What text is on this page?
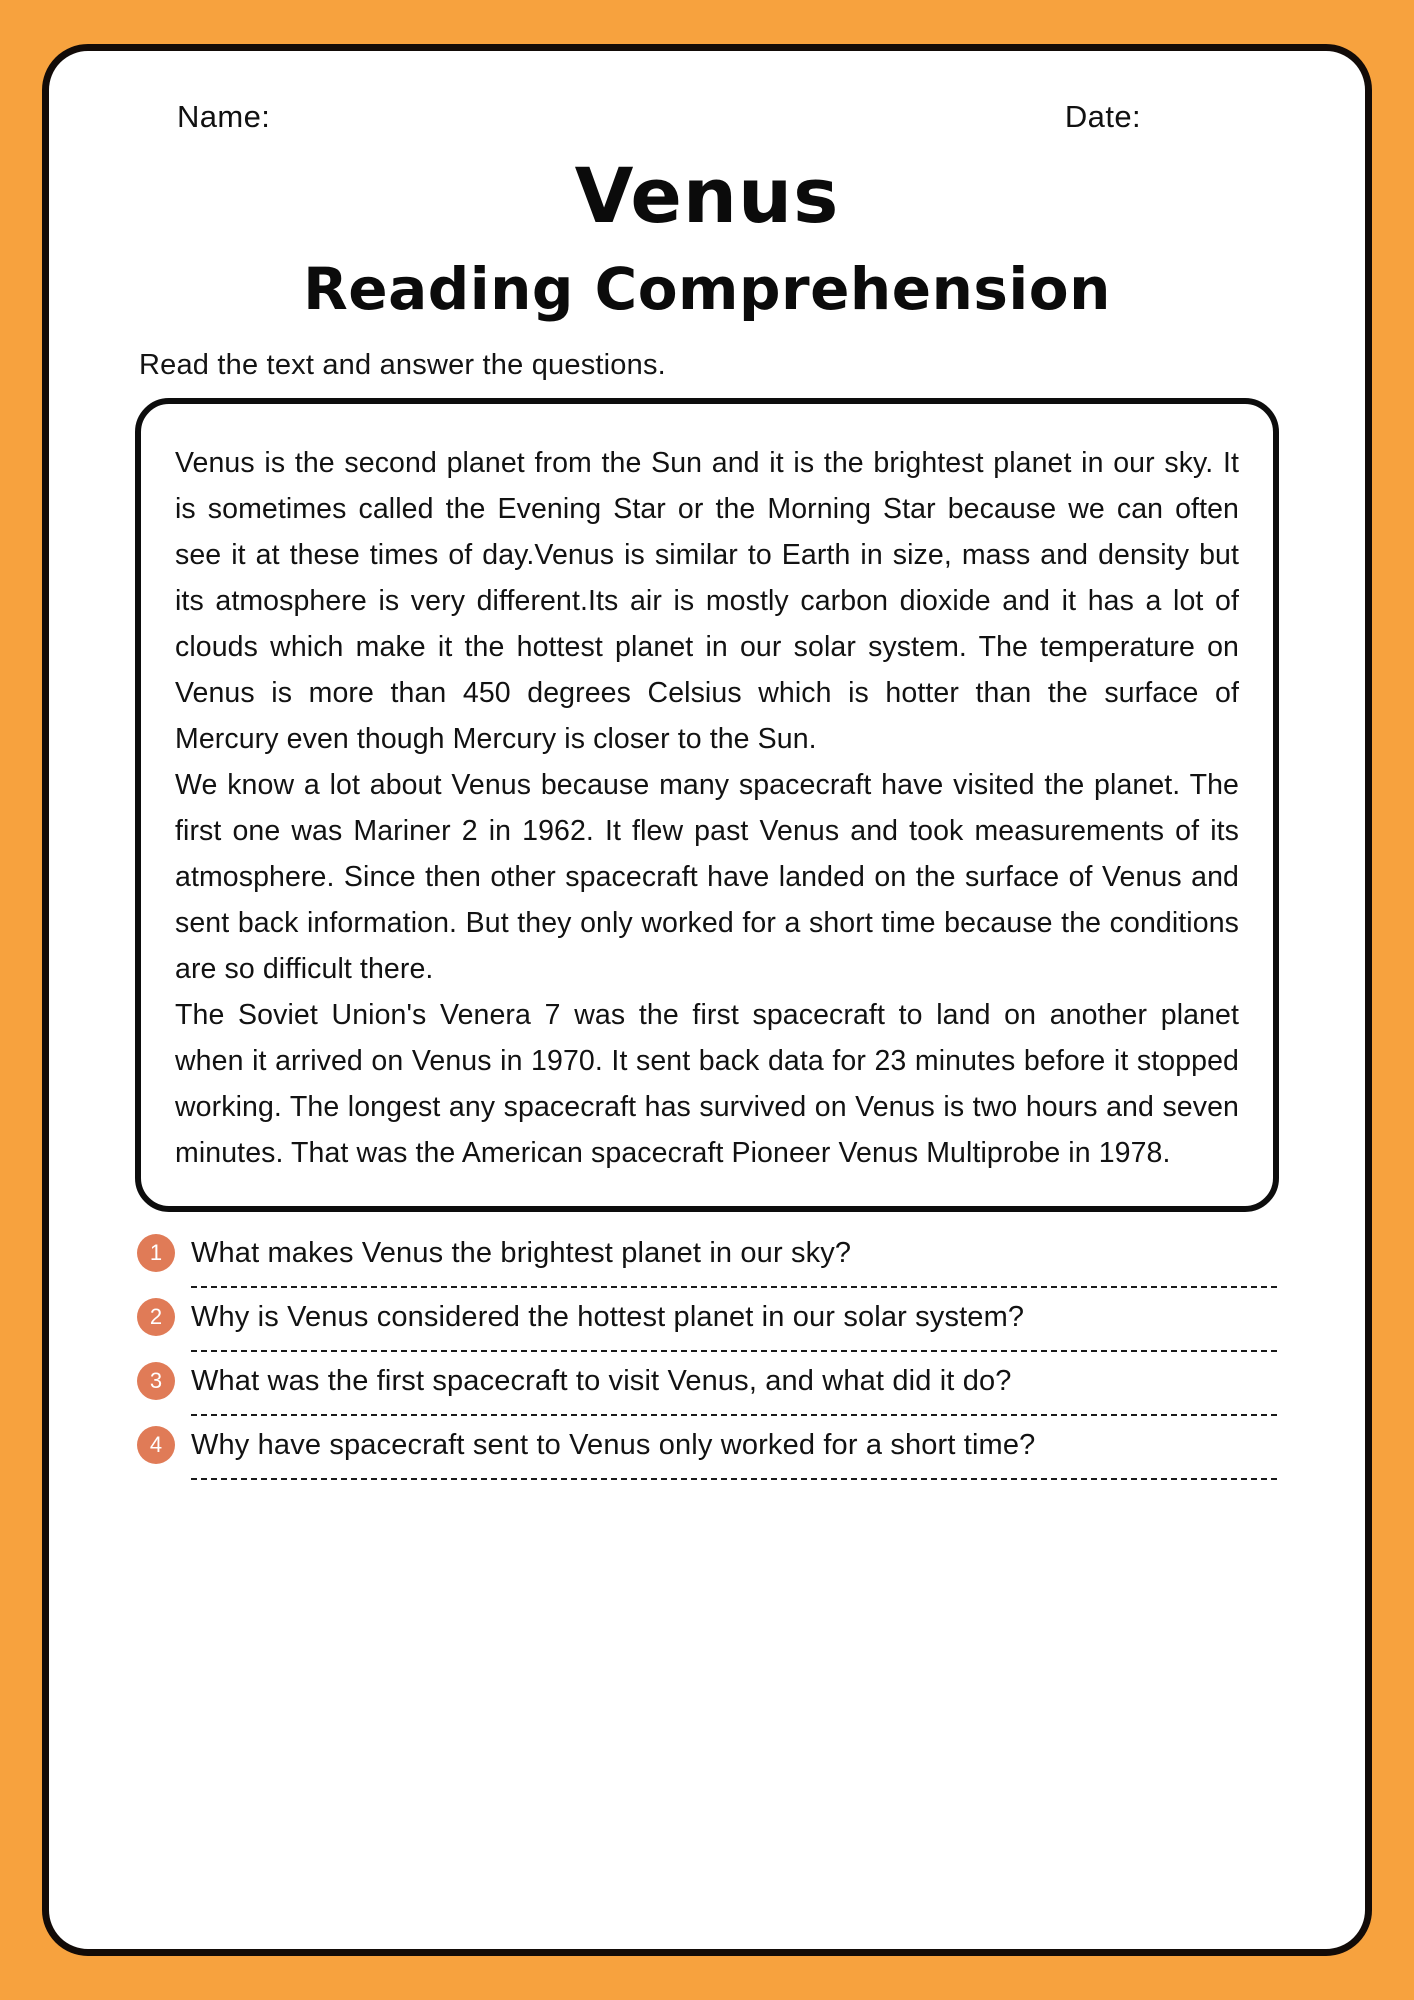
Name:	Date:
Venus
Reading Comprehension
Read the text and answer the questions.

Venus is the second planet from the Sun and it is the brightest planet in our sky. It is sometimes called the Evening Star or the Morning Star because we can often see it at these times of day.Venus is similar to Earth in size, mass and density but its atmosphere is very different.Its air is mostly carbon dioxide and it has a lot of clouds which make it the hottest planet in our solar system. The temperature on Venus is more than 450 degrees Celsius which is hotter than the surface of Mercury even though Mercury is closer to the Sun.

We know a lot about Venus because many spacecraft have visited the planet. The first one was Mariner 2 in 1962. It flew past Venus and took measurements of its atmosphere. Since then other spacecraft have landed on the surface of Venus and sent back information. But they only worked for a short time because the conditions are so difficult there.

The Soviet Union's Venera 7 was the first spacecraft to land on another planet when it arrived on Venus in 1970. It sent back data for 23 minutes before it stopped working. The longest any spacecraft has survived on Venus is two hours and seven minutes. That was the American spacecraft Pioneer Venus Multiprobe in 1978.

1 What makes Venus the brightest planet in our sky?
2 Why is Venus considered the hottest planet in our solar system?
3 What was the first spacecraft to visit Venus, and what did it do?
4 Why have spacecraft sent to Venus only worked for a short time?
